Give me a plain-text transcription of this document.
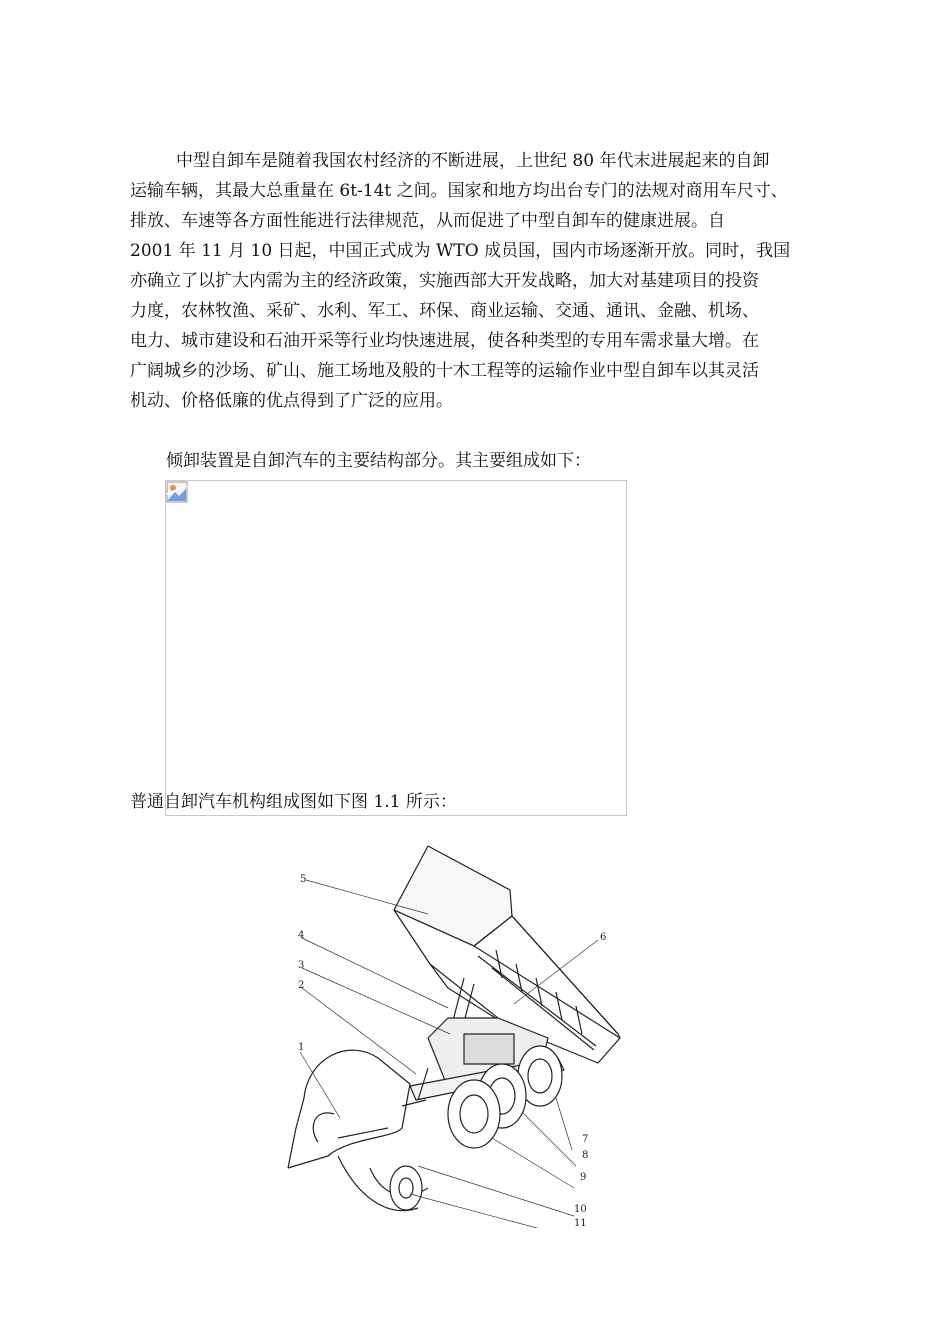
中型自卸车是随着我国农村经济的不断进展，上世纪 80 年代末进展起来的自卸
运输车辆，其最大总重量在 6t-14t 之间。国家和地方均出台专门的法规对商用车尺寸、
排放、车速等各方面性能进行法律规范，从而促进了中型自卸车的健康进展。自
2001 年 11 月 10 日起，中国正式成为 WTO 成员国，国内市场逐渐开放。同时，我国
亦确立了以扩大内需为主的经济政策，实施西部大开发战略，加大对基建项目的投资
力度，农林牧渔、采矿、水利、军工、环保、商业运输、交通、通讯、金融、机场、
电力、城市建设和石油开采等行业均快速进展，使各种类型的专用车需求量大增。在
广阔城乡的沙场、矿山、施工场地及般的十木工程等的运输作业中型自卸车以其灵活
机动、价格低廉的优点得到了广泛的应用。

倾卸装置是自卸汽车的主要结构部分。其主要组成如下：

普通自卸汽车机构组成图如下图 1.1 所示：
1
2
3
4
5
6
7
8
9
10
11
